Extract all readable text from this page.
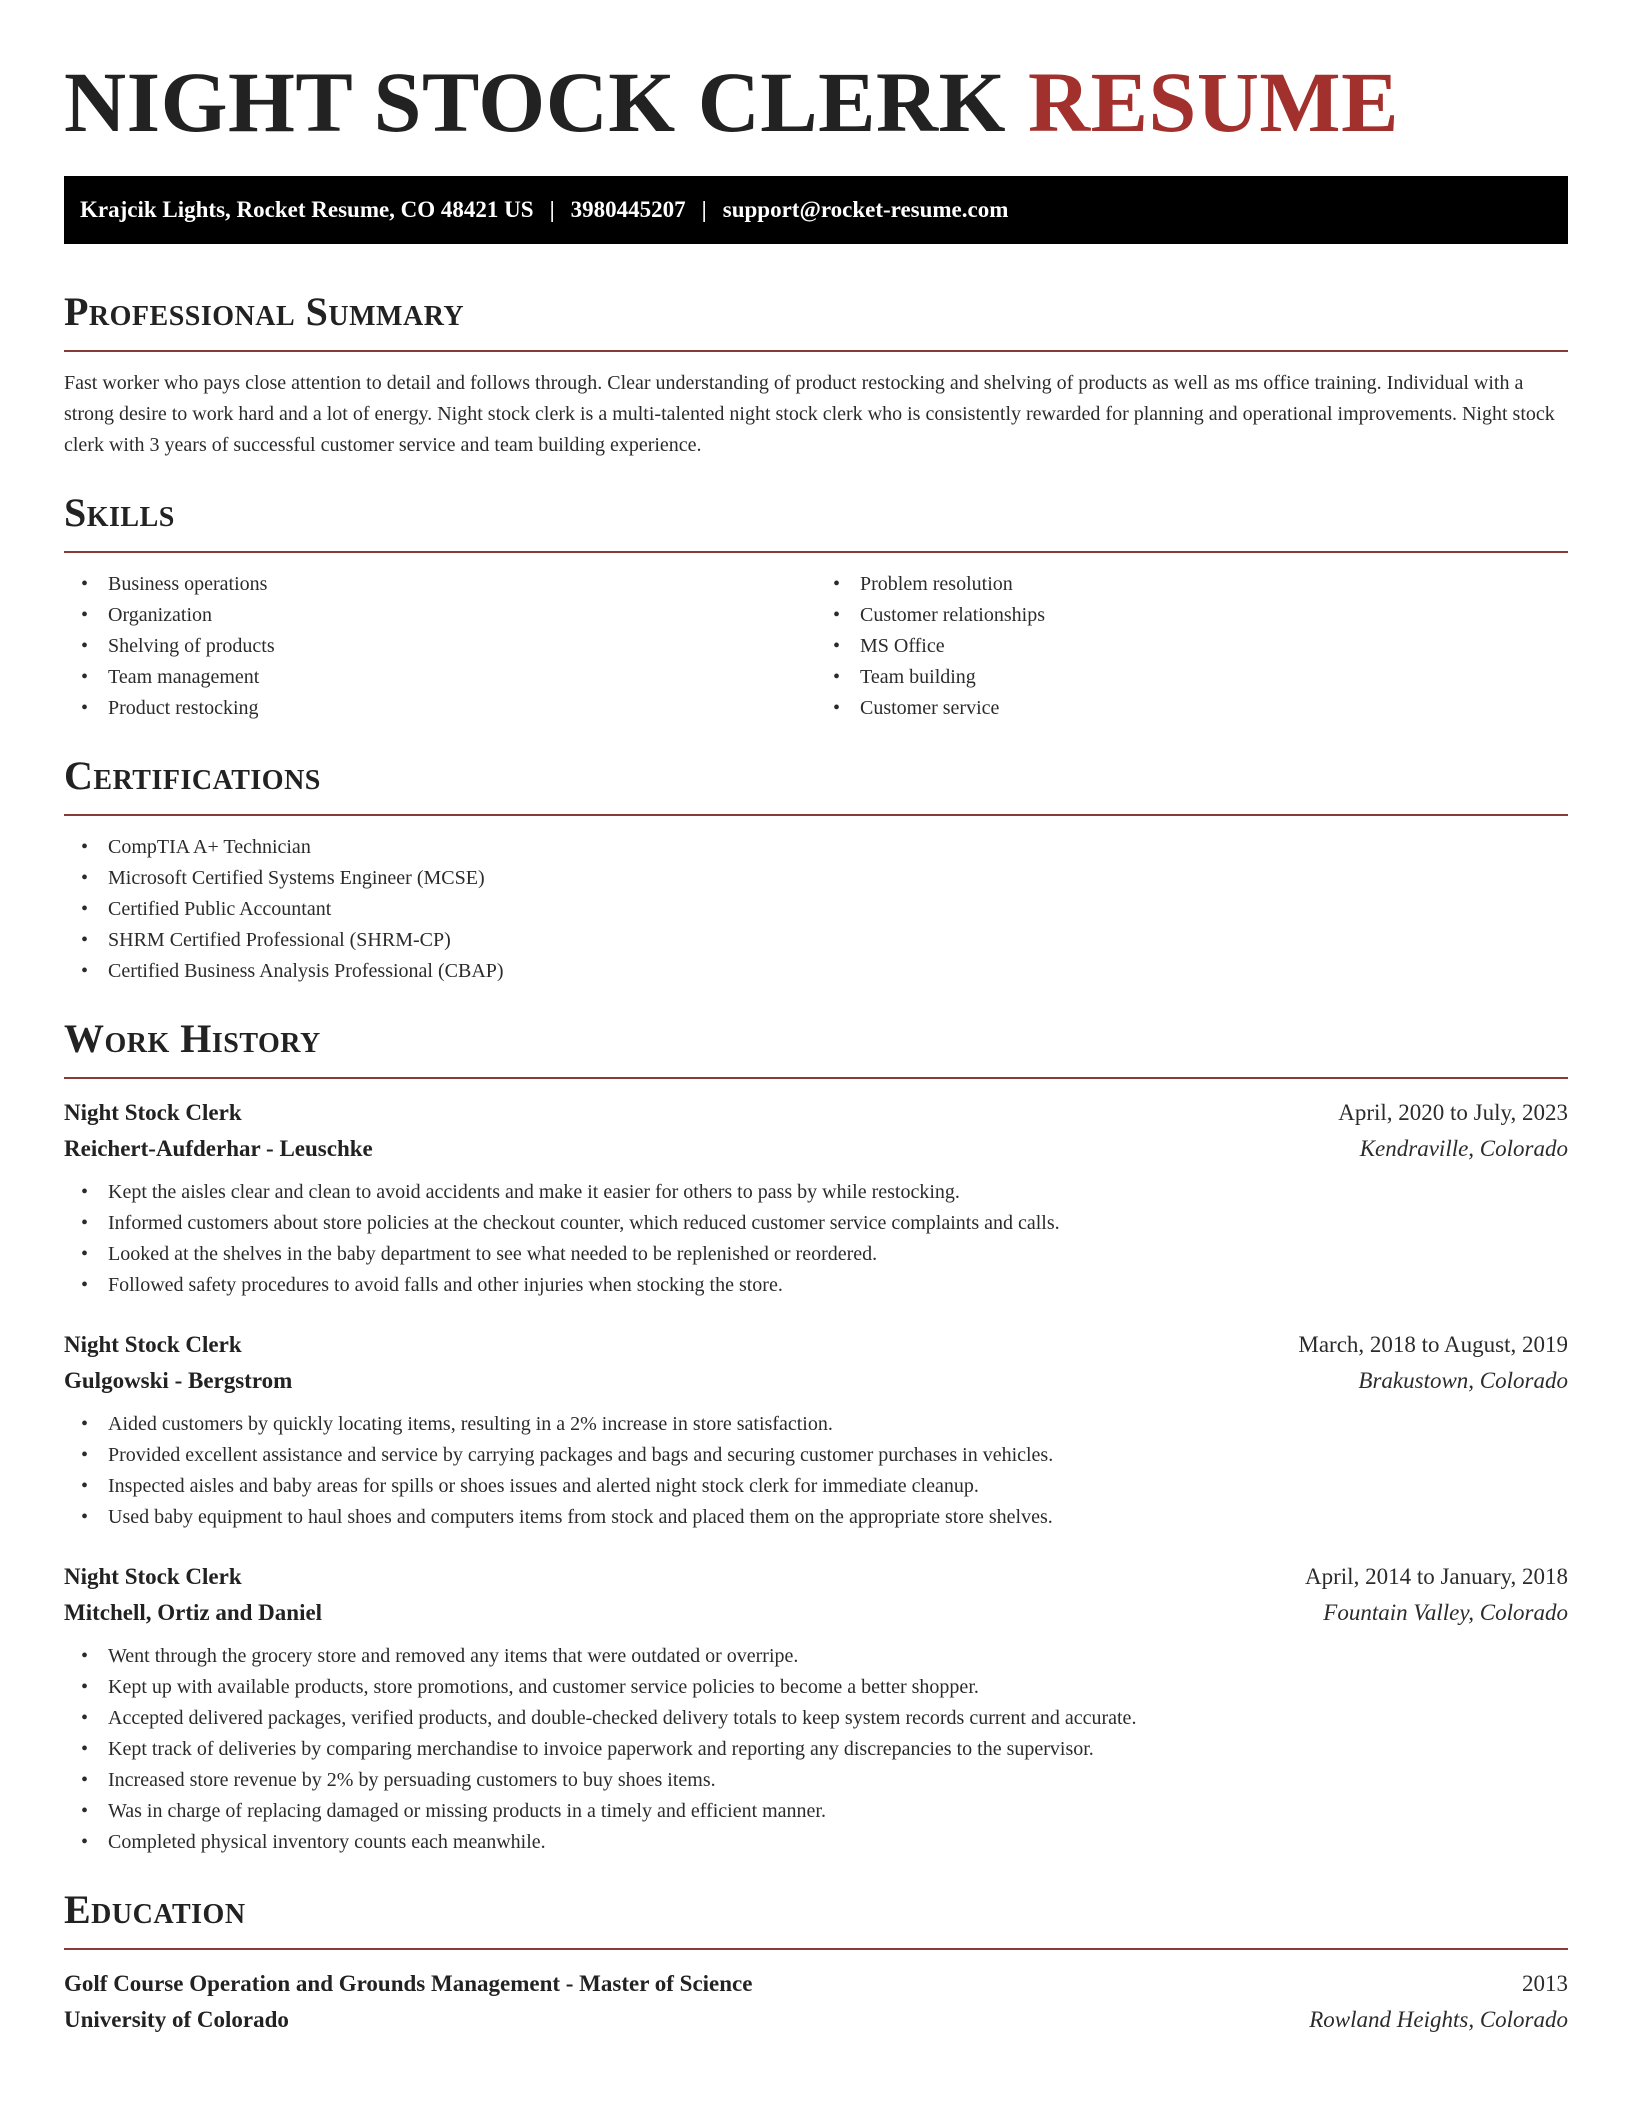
NIGHT STOCK CLERK RESUME
Krajcik Lights, Rocket Resume, CO 48421 US | 3980445207 | support@rocket-resume.com
Professional Summary

Fast worker who pays close attention to detail and follows through. Clear understanding of product restocking and shelving of products as well as ms office training. Individual with a strong desire to work hard and a lot of energy. Night stock clerk is a multi-talented night stock clerk who is consistently rewarded for planning and operational improvements. Night stock clerk with 3 years of successful customer service and team building experience.

Skills
• Business operations
• Organization
• Shelving of products
• Team management
• Product restocking
• Problem resolution
• Customer relationships
• MS Office
• Team building
• Customer service
Certifications
• CompTIA A+ Technician
• Microsoft Certified Systems Engineer (MCSE)
• Certified Public Accountant
• SHRM Certified Professional (SHRM-CP)
• Certified Business Analysis Professional (CBAP)
Work History
Night Stock Clerk	April, 2020 to July, 2023
Reichert-Aufderhar - Leuschke	Kendraville, Colorado
• Kept the aisles clear and clean to avoid accidents and make it easier for others to pass by while restocking.
• Informed customers about store policies at the checkout counter, which reduced customer service complaints and calls.
• Looked at the shelves in the baby department to see what needed to be replenished or reordered.
• Followed safety procedures to avoid falls and other injuries when stocking the store.
Night Stock Clerk	March, 2018 to August, 2019
Gulgowski - Bergstrom	Brakustown, Colorado
• Aided customers by quickly locating items, resulting in a 2% increase in store satisfaction.
• Provided excellent assistance and service by carrying packages and bags and securing customer purchases in vehicles.
• Inspected aisles and baby areas for spills or shoes issues and alerted night stock clerk for immediate cleanup.
• Used baby equipment to haul shoes and computers items from stock and placed them on the appropriate store shelves.
Night Stock Clerk	April, 2014 to January, 2018
Mitchell, Ortiz and Daniel	Fountain Valley, Colorado
• Went through the grocery store and removed any items that were outdated or overripe.
• Kept up with available products, store promotions, and customer service policies to become a better shopper.
• Accepted delivered packages, verified products, and double-checked delivery totals to keep system records current and accurate.
• Kept track of deliveries by comparing merchandise to invoice paperwork and reporting any discrepancies to the supervisor.
• Increased store revenue by 2% by persuading customers to buy shoes items.
• Was in charge of replacing damaged or missing products in a timely and efficient manner.
• Completed physical inventory counts each meanwhile.
Education
Golf Course Operation and Grounds Management - Master of Science	2013
University of Colorado	Rowland Heights, Colorado
